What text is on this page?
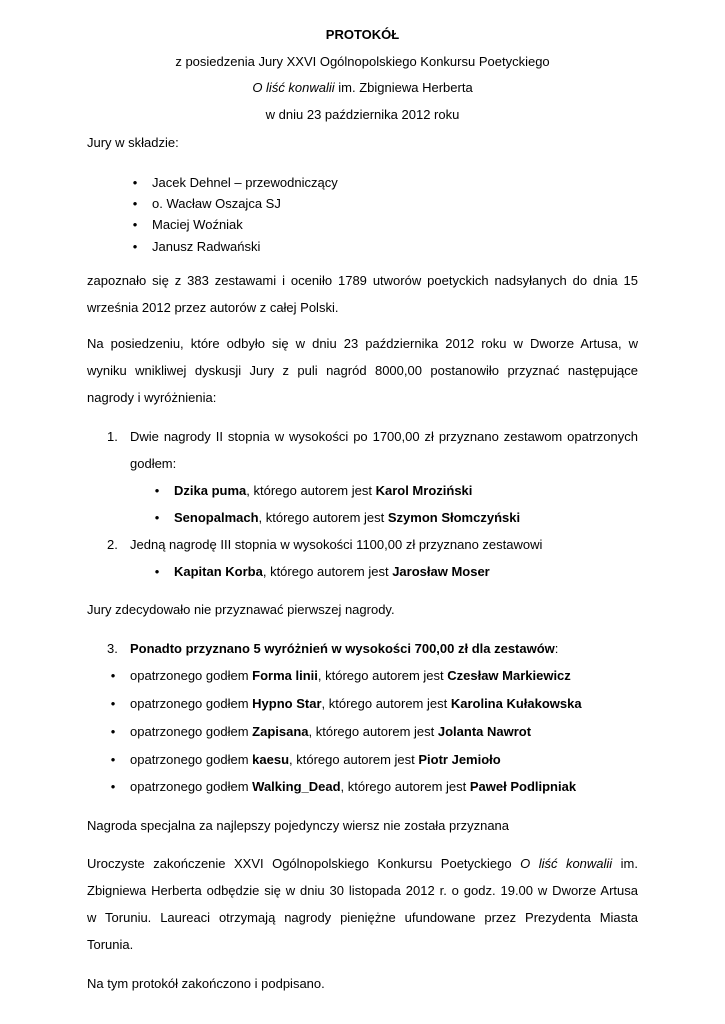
PROTOKÓŁ
z posiedzenia Jury XXVI Ogólnopolskiego Konkursu Poetyckiego
O liść konwalii im. Zbigniewa Herberta
w dniu 23 października 2012 roku
Jury w składzie:
• Jacek Dehnel – przewodniczący
• o. Wacław Oszajca SJ
• Maciej Woźniak
• Janusz Radwański
zapoznało się z 383 zestawami i oceniło 1789 utworów poetyckich nadsyłanych do dnia 15
września 2012 przez autorów z całej Polski.
Na posiedzeniu, które odbyło się w dniu 23 października 2012 roku w Dworze Artusa, w
wyniku wnikliwej dyskusji Jury z puli nagród 8000,00 postanowiło przyznać następujące
nagrody i wyróżnienia:
1. Dwie nagrody II stopnia w wysokości po 1700,00 zł przyznano zestawom opatrzonych
godłem:
• Dzika puma, którego autorem jest Karol Mroziński
• Senopalmach, którego autorem jest Szymon Słomczyński
2. Jedną nagrodę III stopnia w wysokości 1100,00 zł przyznano zestawowi
• Kapitan Korba, którego autorem jest Jarosław Moser
Jury zdecydowało nie przyznawać pierwszej nagrody.
3. Ponadto przyznano 5 wyróżnień w wysokości 700,00 zł dla zestawów:
• opatrzonego godłem Forma linii, którego autorem jest Czesław Markiewicz
• opatrzonego godłem Hypno Star, którego autorem jest Karolina Kułakowska
• opatrzonego godłem Zapisana, którego autorem jest Jolanta Nawrot
• opatrzonego godłem kaesu, którego autorem jest Piotr Jemioło
• opatrzonego godłem Walking_Dead, którego autorem jest Paweł Podlipniak
Nagroda specjalna za najlepszy pojedynczy wiersz nie została przyznana
Uroczyste zakończenie XXVI Ogólnopolskiego Konkursu Poetyckiego O liść konwalii im.
Zbigniewa Herberta odbędzie się w dniu 30 listopada 2012 r. o godz. 19.00 w Dworze Artusa
w Toruniu. Laureaci otrzymają nagrody pieniężne ufundowane przez Prezydenta Miasta
Torunia.
Na tym protokół zakończono i podpisano.
